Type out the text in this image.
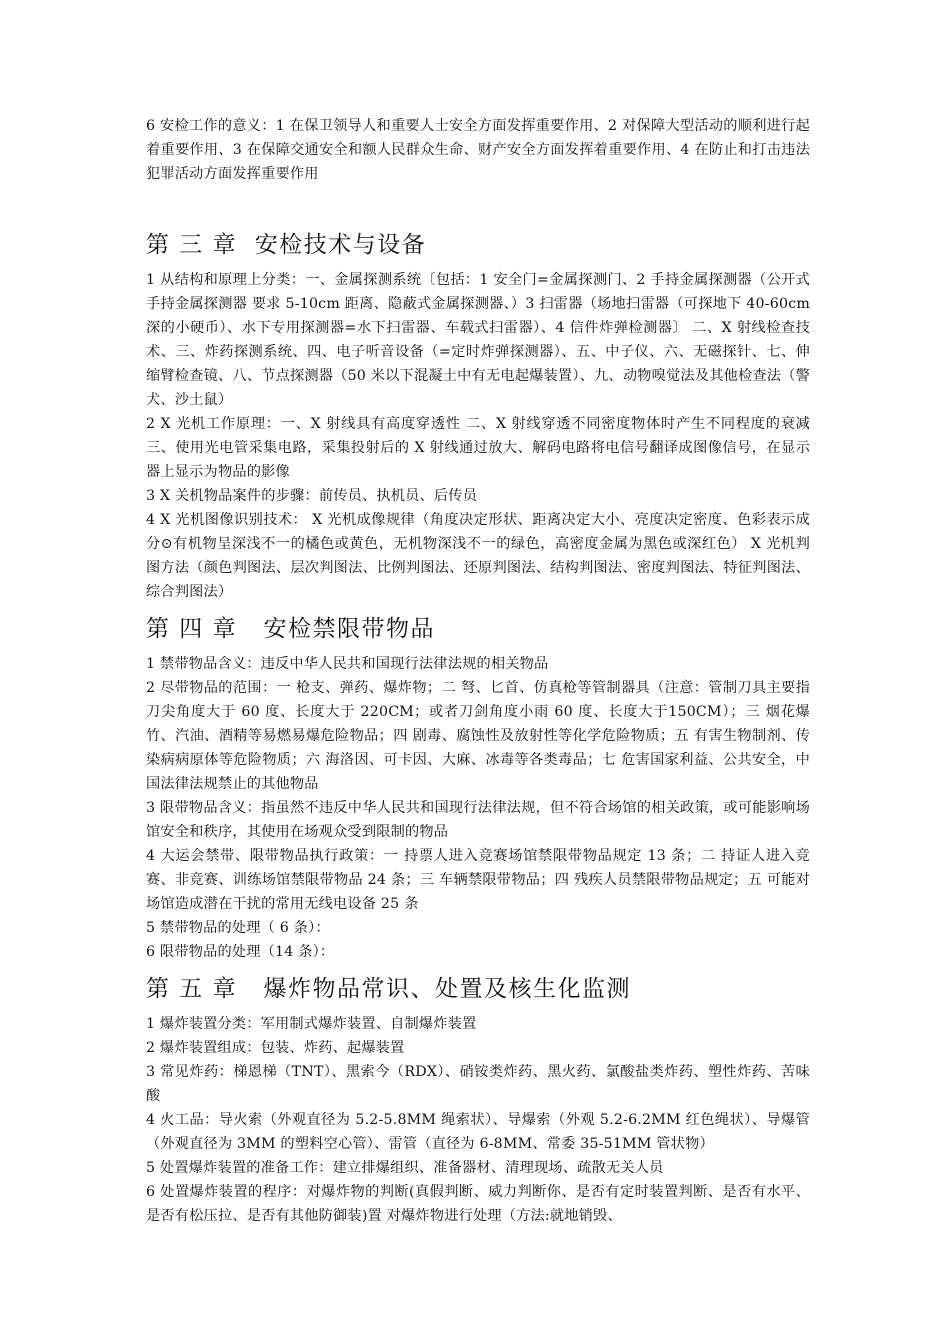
6 安检工作的意义：1 在保卫领导人和重要人士安全方面发挥重要作用、2 对保障大型活动的顺利进行起着重要作用、3 在保障交通安全和额人民群众生命、财产安全方面发挥着重要作用、4 在防止和打击违法犯罪活动方面发挥重要作用

第 三 章  安检技术与设备

1 从结构和原理上分类：一、金属探测系统〔包括：1 安全门=金属探测门、2 手持金属探测器（公开式手持金属探测器 要求 5-10cm 距离、隐蔽式金属探测器、）3 扫雷器（场地扫雷器（可探地下 40-60cm 深的小硬币）、水下专用探测器=水下扫雷器、车载式扫雷器）、4 信件炸弹检测器〕 二、X 射线检查技术、三、炸药探测系统、四、电子听音设备（=定时炸弹探测器）、五、中子仪、六、无磁探针、七、伸缩臂检查镜、八、节点探测器（50 米以下混凝土中有无电起爆装置）、九、动物嗅觉法及其他检查法（警犬、沙土鼠）

2 X 光机工作原理：一、X 射线具有高度穿透性 二、X 射线穿透不同密度物体时产生不同程度的衰减 三、使用光电管采集电路，采集投射后的 X 射线通过放大、解码电路将电信号翻译成图像信号，在显示器上显示为物品的影像

3 X 关机物品案件的步骤：前传员、执机员、后传员

4 X 光机图像识别技术： X 光机成像规律（角度决定形状、距离决定大小、亮度决定密度、色彩表示成分⊙有机物呈深浅不一的橘色或黄色，无机物深浅不一的绿色，高密度金属为黑色或深红色） X 光机判图方法（颜色判图法、层次判图法、比例判图法、还原判图法、结构判图法、密度判图法、特征判图法、综合判图法）

第 四 章   安检禁限带物品

1 禁带物品含义：违反中华人民共和国现行法律法规的相关物品

2 尽带物品的范围：一 枪支、弹药、爆炸物；二 弩、匕首、仿真枪等管制器具（注意：管制刀具主要指刀尖角度大于 60 度、长度大于 220CM；或者刀剑角度小雨 60 度、长度大于150CM）；三 烟花爆竹、汽油、酒精等易燃易爆危险物品；四 剧毒、腐蚀性及放射性等化学危险物质；五 有害生物制剂、传染病病原体等危险物质；六 海洛因、可卡因、大麻、冰毒等各类毒品；七 危害国家利益、公共安全，中国法律法规禁止的其他物品

3 限带物品含义：指虽然不违反中华人民共和国现行法律法规，但不符合场馆的相关政策，或可能影响场馆安全和秩序，其使用在场观众受到限制的物品

4 大运会禁带、限带物品执行政策：一 持票人进入竞赛场馆禁限带物品规定 13 条；二 持证人进入竞赛、非竞赛、训练场馆禁限带物品 24 条；三 车辆禁限带物品；四 残疾人员禁限带物品规定；五 可能对场馆造成潜在干扰的常用无线电设备 25 条

5 禁带物品的处理（ 6 条）：

6 限带物品的处理（14 条）：

第 五 章   爆炸物品常识、处置及核生化监测

1 爆炸装置分类：军用制式爆炸装置、自制爆炸装置

2 爆炸装置组成：包装、炸药、起爆装置

3 常见炸药：梯恩梯（TNT）、黑索今（RDX）、硝铵类炸药、黑火药、氯酸盐类炸药、塑性炸药、苦味酸

4 火工品：导火索（外观直径为 5.2-5.8MM 绳索状）、导爆索（外观 5.2-6.2MM 红色绳状）、导爆管（外观直径为 3MM 的塑料空心管）、雷管（直径为 6-8MM、常委 35-51MM 管状物）

5 处置爆炸装置的准备工作：建立排爆组织、准备器材、清理现场、疏散无关人员

6 处置爆炸装置的程序：对爆炸物的判断(真假判断、威力判断你、是否有定时装置判断、是否有水平、是否有松压拉、是否有其他防御装)置 对爆炸物进行处理（方法:就地销毁、
